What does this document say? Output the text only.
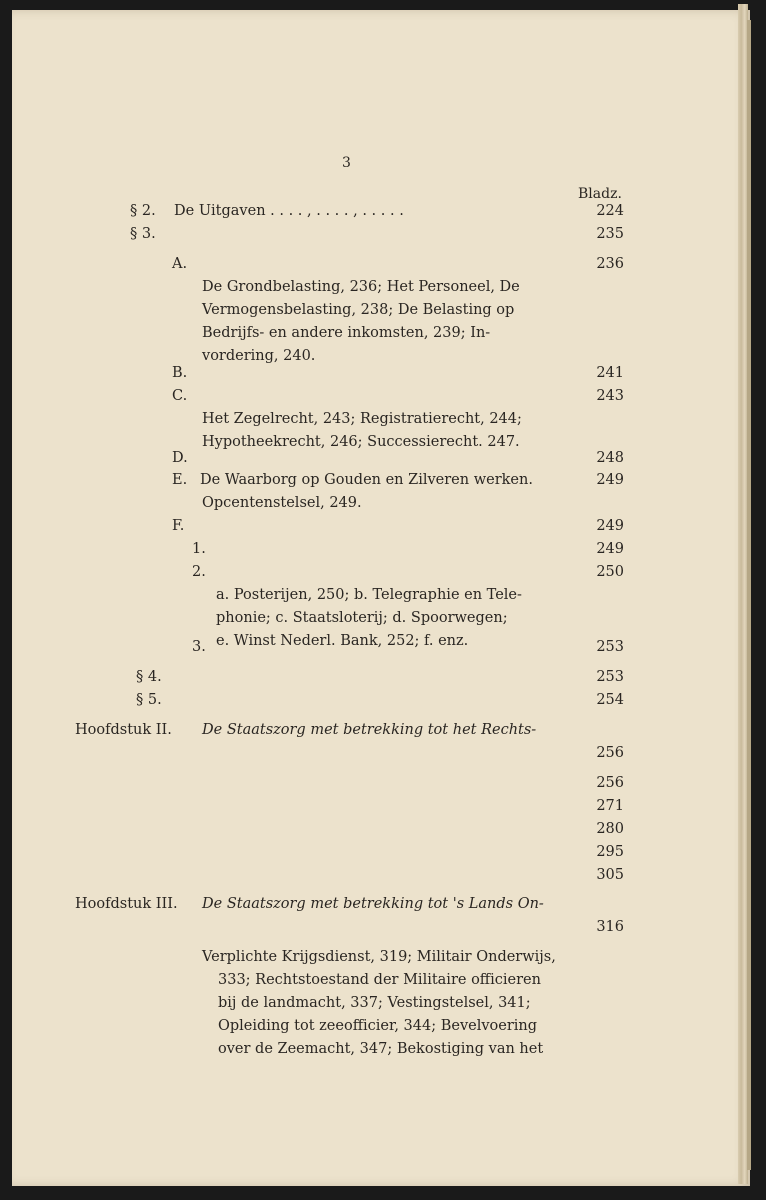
3
Bladz.
§ 2. De Uitgaven . . . . , . . . . , . . . . .	224
§ 3.	235
A.	236
De Grondbelasting, 236; Het Personeel, De
Vermogensbelasting, 238; De Belasting op
Bedrijfs- en andere inkomsten, 239; In-
vordering, 240.
B.	241
C.	243
Het Zegelrecht, 243; Registratierecht, 244;
Hypotheekrecht, 246; Successierecht. 247.
D.	248
E. De Waarborg op Gouden en Zilveren werken.	249
Opcentenstelsel, 249.
F.	249
1.	249
2.	250
a. Posterijen, 250; b. Telegraphie en Tele-
phonie; c. Staatsloterij; d. Spoorwegen;
e. Winst Nederl. Bank, 252; f. enz.
3.	253
§ 4.	253
§ 5.	254
Hoofdstuk II. De Staatszorg met betrekking tot het Rechts-
256
256
271
280
295
305
Hoofdstuk III. De Staatszorg met betrekking tot 's Lands On-
316
Verplichte Krijgsdienst, 319; Militair Onderwijs,
333; Rechtstoestand der Militaire officieren
bij de landmacht, 337; Vestingstelsel, 341;
Opleiding tot zeeofficier, 344; Bevelvoering
over de Zeemacht, 347; Bekostiging van het
